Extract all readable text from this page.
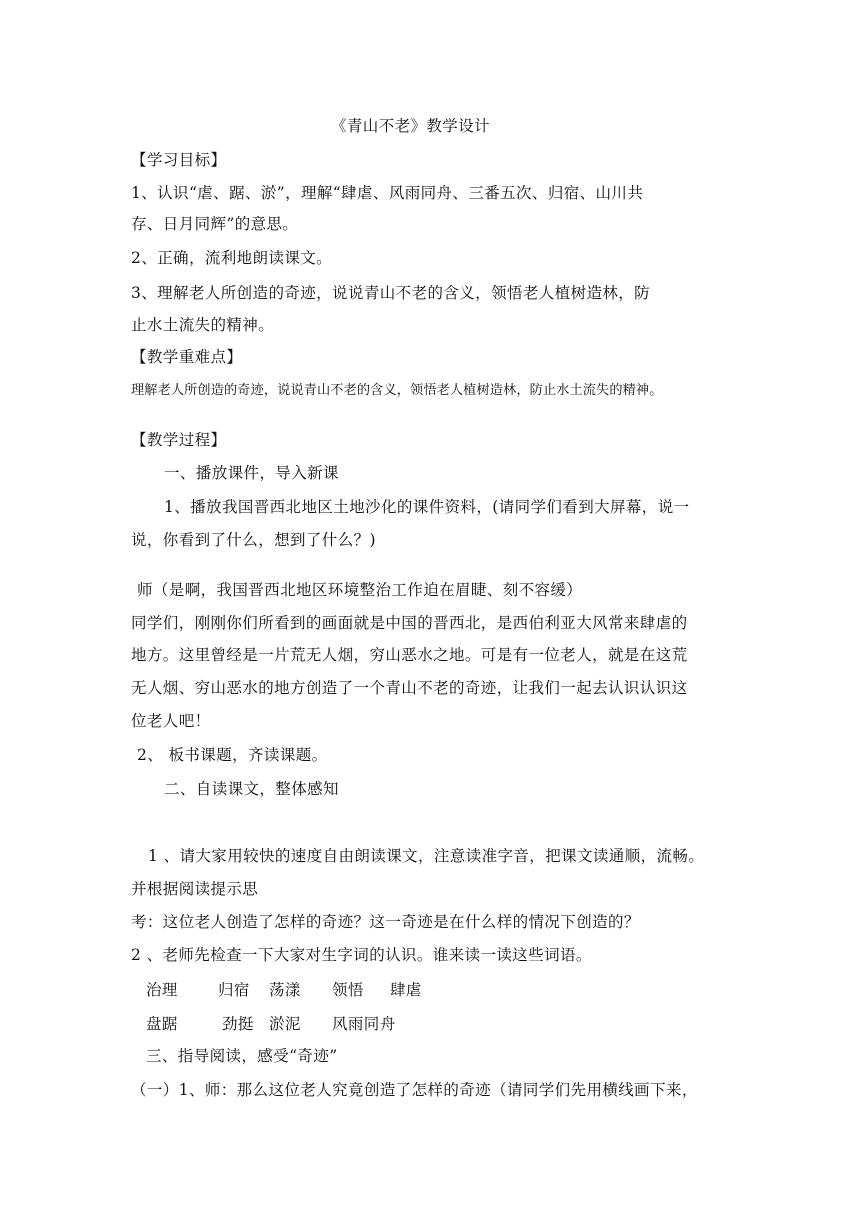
《青山不老》教学设计
【学习目标】
1、认识“虐、踞、淤”，理解“肆虐、风雨同舟、三番五次、归宿、山川共
存、日月同辉”的意思。
2、正确，流利地朗读课文。
3、理解老人所创造的奇迹，说说青山不老的含义，领悟老人植树造林，防
止水土流失的精神。
【教学重难点】
理解老人所创造的奇迹，说说青山不老的含义，领悟老人植树造林，防止水土流失的精神。
【教学过程】
一、播放课件，导入新课
1、播放我国晋西北地区土地沙化的课件资料，(请同学们看到大屏幕，说一
说，你看到了什么，想到了什么？)
师（是啊，我国晋西北地区环境整治工作迫在眉睫、刻不容缓）
同学们，刚刚你们所看到的画面就是中国的晋西北，是西伯利亚大风常来肆虐的
地方。这里曾经是一片荒无人烟，穷山恶水之地。可是有一位老人，就是在这荒
无人烟、穷山恶水的地方创造了一个青山不老的奇迹，让我们一起去认识认识这
位老人吧！
2、 板书课题，齐读课题。
二、自读课文，整体感知
1 、请大家用较快的速度自由朗读课文，注意读准字音，把课文读通顺，流畅。
并根据阅读提示思
考：这位老人创造了怎样的奇迹？这一奇迹是在什么样的情况下创造的？
2 、老师先检查一下大家对生字词的认识。谁来读一读这些词语。
治理	归宿 荡漾 领悟 肆虐
盘踞	劲挺 淤泥 风雨同舟
三、指导阅读，感受“奇迹”
（一）1、师：那么这位老人究竟创造了怎样的奇迹（请同学们先用横线画下来，
